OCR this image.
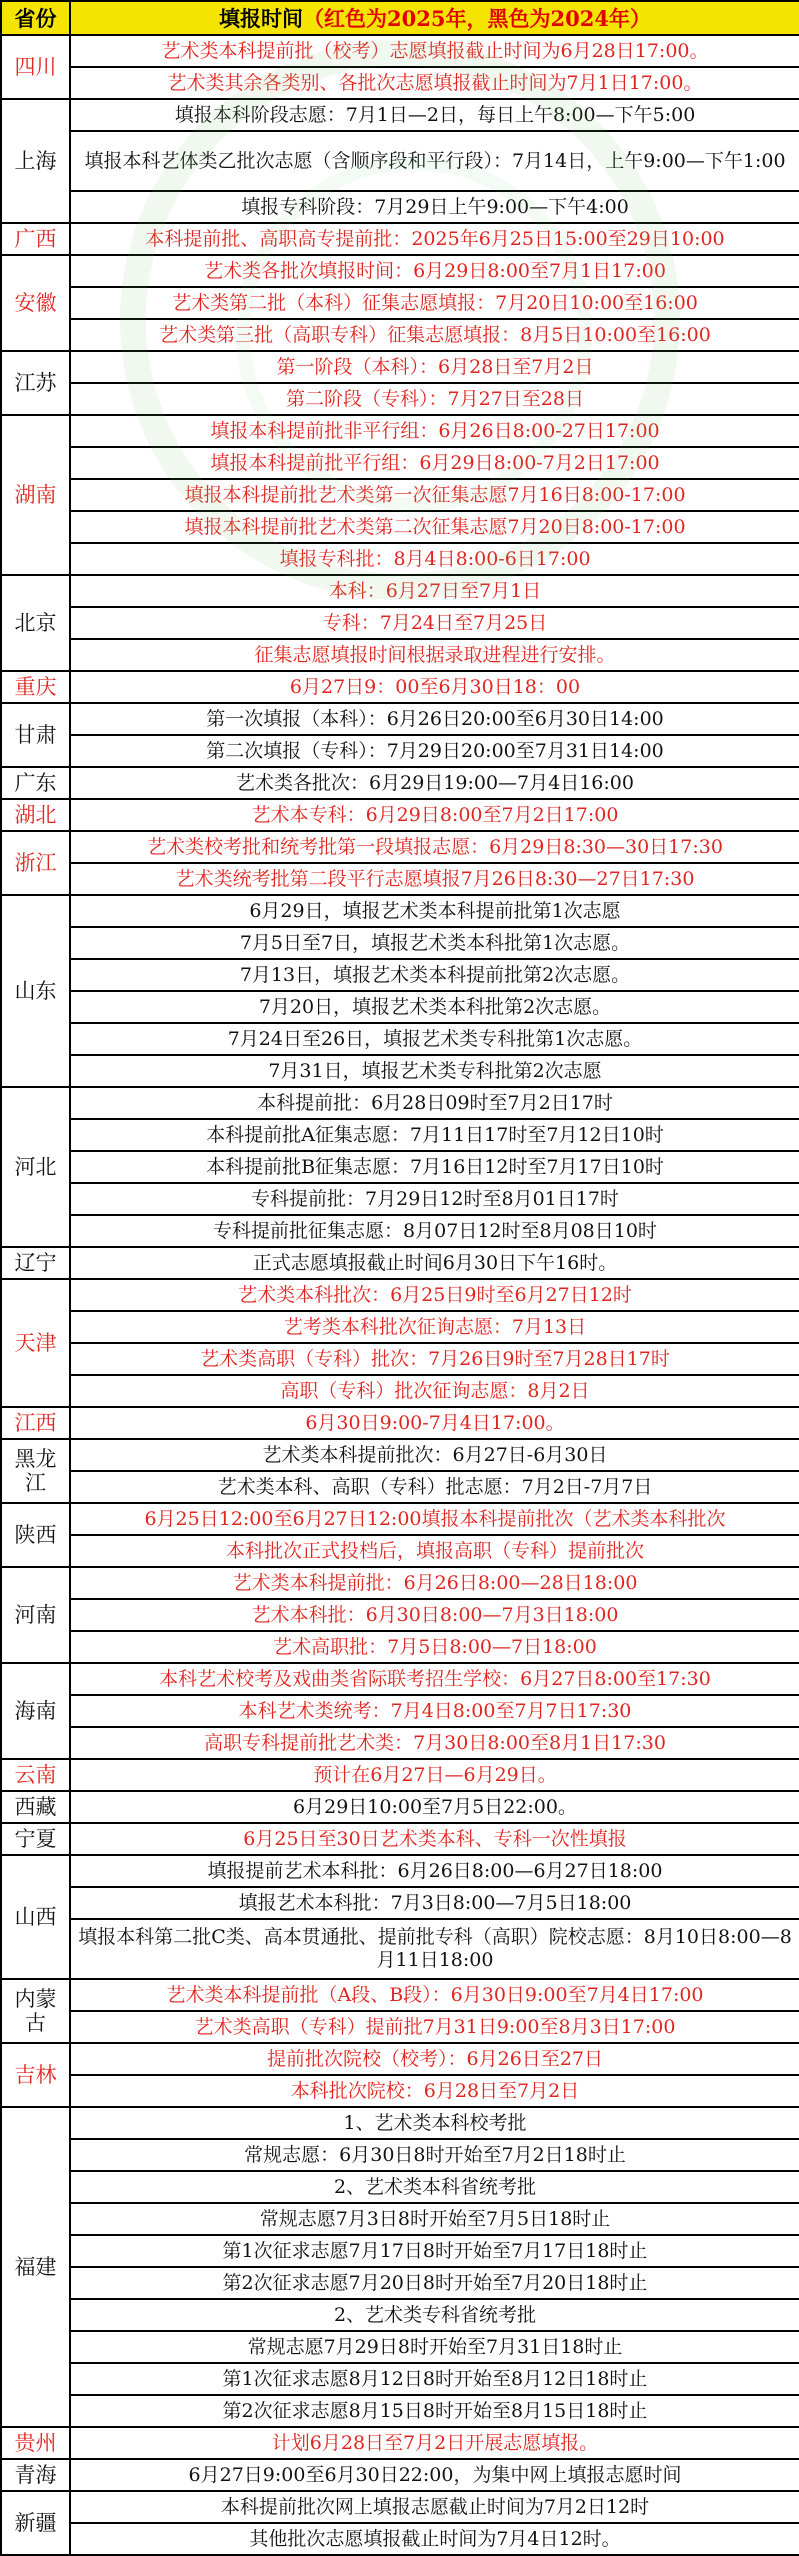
省份	填报时间（红色为2025年，黑色为2024年）
四川	艺术类本科提前批（校考）志愿填报截止时间为6月28日17:00。
	艺术类其余各类别、各批次志愿填报截止时间为7月1日17:00。
上海	填报本科阶段志愿：7月1日—2日，每日上午8:00—下午5:00
	填报本科艺体类乙批次志愿（含顺序段和平行段）：7月14日，上午9:00—下午1:00
	填报专科阶段：7月29日上午9:00—下午4:00
广西	本科提前批、高职高专提前批：2025年6月25日15:00至29日10:00
安徽	艺术类各批次填报时间：6月29日8:00至7月1日17:00
	艺术类第二批（本科）征集志愿填报：7月20日10:00至16:00
	艺术类第三批（高职专科）征集志愿填报：8月5日10:00至16:00
江苏	第一阶段（本科）：6月28日至7月2日
	第二阶段（专科）：7月27日至28日
湖南	填报本科提前批非平行组：6月26日8:00-27日17:00
	填报本科提前批平行组：6月29日8:00-7月2日17:00
	填报本科提前批艺术类第一次征集志愿7月16日8:00-17:00
	填报本科提前批艺术类第二次征集志愿7月20日8:00-17:00
	填报专科批：8月4日8:00-6日17:00
北京	本科：6月27日至7月1日
	专科：7月24日至7月25日
	征集志愿填报时间根据录取进程进行安排。
重庆	6月27日9：00至6月30日18：00
甘肃	第一次填报（本科）：6月26日20:00至6月30日14:00
	第二次填报（专科）：7月29日20:00至7月31日14:00
广东	艺术类各批次：6月29日19:00—7月4日16:00
湖北	艺术本专科：6月29日8:00至7月2日17:00
浙江	艺术类校考批和统考批第一段填报志愿：6月29日8:30—30日17:30
	艺术类统考批第二段平行志愿填报7月26日8:30—27日17:30
山东	6月29日，填报艺术类本科提前批第1次志愿
	7月5日至7日，填报艺术类本科批第1次志愿。
	7月13日，填报艺术类本科提前批第2次志愿。
	7月20日，填报艺术类本科批第2次志愿。
	7月24日至26日，填报艺术类专科批第1次志愿。
	7月31日，填报艺术类专科批第2次志愿
河北	本科提前批：6月28日09时至7月2日17时
	本科提前批A征集志愿：7月11日17时至7月12日10时
	本科提前批B征集志愿：7月16日12时至7月17日10时
	专科提前批：7月29日12时至8月01日17时
	专科提前批征集志愿：8月07日12时至8月08日10时
辽宁	正式志愿填报截止时间6月30日下午16时。
天津	艺术类本科批次：6月25日9时至6月27日12时
	艺考类本科批次征询志愿：7月13日
	艺术类高职（专科）批次：7月26日9时至7月28日17时
	高职（专科）批次征询志愿：8月2日
江西	6月30日9:00-7月4日17:00。
黑龙江	艺术类本科提前批次：6月27日-6月30日
	艺术类本科、高职（专科）批志愿：7月2日-7月7日
陕西	6月25日12:00至6月27日12:00填报本科提前批次（艺术类本科批次
	本科批次正式投档后，填报高职（专科）提前批次
河南	艺术类本科提前批：6月26日8:00—28日18:00
	艺术本科批：6月30日8:00—7月3日18:00
	艺术高职批：7月5日8:00—7日18:00
海南	本科艺术校考及戏曲类省际联考招生学校：6月27日8:00至17:30
	本科艺术类统考：7月4日8:00至7月7日17:30
	高职专科提前批艺术类：7月30日8:00至8月1日17:30
云南	预计在6月27日—6月29日。
西藏	6月29日10:00至7月5日22:00。
宁夏	6月25日至30日艺术类本科、专科一次性填报
山西	填报提前艺术本科批：6月26日8:00—6月27日18:00
	填报艺术本科批：7月3日8:00—7月5日18:00
	填报本科第二批C类、高本贯通批、提前批专科（高职）院校志愿：8月10日8:00—8月11日18:00
内蒙古	艺术类本科提前批（A段、B段）：6月30日9:00至7月4日17:00
	艺术类高职（专科）提前批7月31日9:00至8月3日17:00
吉林	提前批次院校（校考）：6月26日至27日
	本科批次院校：6月28日至7月2日
福建	1、艺术类本科校考批
	常规志愿：6月30日8时开始至7月2日18时止
	2、艺术类本科省统考批
	常规志愿7月3日8时开始至7月5日18时止
	第1次征求志愿7月17日8时开始至7月17日18时止
	第2次征求志愿7月20日8时开始至7月20日18时止
	2、艺术类专科省统考批
	常规志愿7月29日8时开始至7月31日18时止
	第1次征求志愿8月12日8时开始至8月12日18时止
	第2次征求志愿8月15日8时开始至8月15日18时止
贵州	计划6月28日至7月2日开展志愿填报。
青海	6月27日9:00至6月30日22:00，为集中网上填报志愿时间
新疆	本科提前批次网上填报志愿截止时间为7月2日12时
	其他批次志愿填报截止时间为7月4日12时。
